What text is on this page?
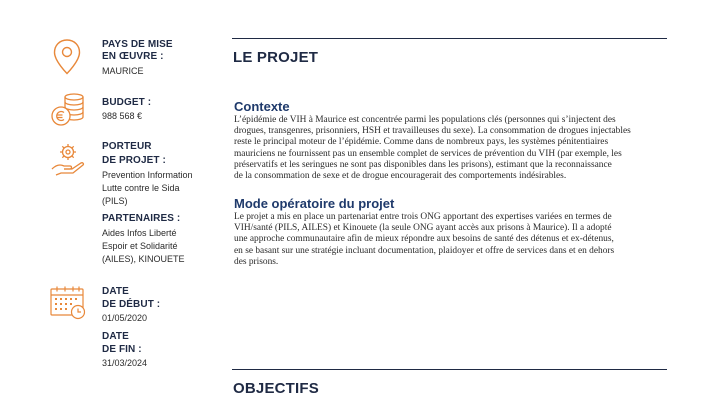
PAYS DE MISE
EN ŒUVRE :
MAURICE
BUDGET :
988 568 €
PORTEUR
DE PROJET :
Prevention Information
Lutte contre le Sida
(PILS)
PARTENAIRES :
Aides Infos Liberté
Espoir et Solidarité
(AILES), KINOUETE
DATE
DE DÉBUT :
01/05/2020
DATE
DE FIN :
31/03/2024
LE PROJET
Contexte
L’épidémie de VIH à Maurice est concentrée parmi les populations clés (personnes qui s’injectent des
drogues, transgenres, prisonniers, HSH et travailleuses du sexe). La consommation de drogues injectables
reste le principal moteur de l’épidémie. Comme dans de nombreux pays, les systèmes pénitentiaires
mauriciens ne fournissent pas un ensemble complet de services de prévention du VIH (par exemple, les
préservatifs et les seringues ne sont pas disponibles dans les prisons), estimant que la reconnaissance
de la consommation de sexe et de drogue encouragerait des comportements indésirables.
Mode opératoire du projet
Le projet a mis en place un partenariat entre trois ONG apportant des expertises variées en termes de
VIH/santé (PILS, AILES) et Kinouete (la seule ONG ayant accès aux prisons à Maurice). Il a adopté
une approche communautaire afin de mieux répondre aux besoins de santé des détenus et ex-détenus,
en se basant sur une stratégie incluant documentation, plaidoyer et offre de services dans et en dehors
des prisons.
OBJECTIFS
